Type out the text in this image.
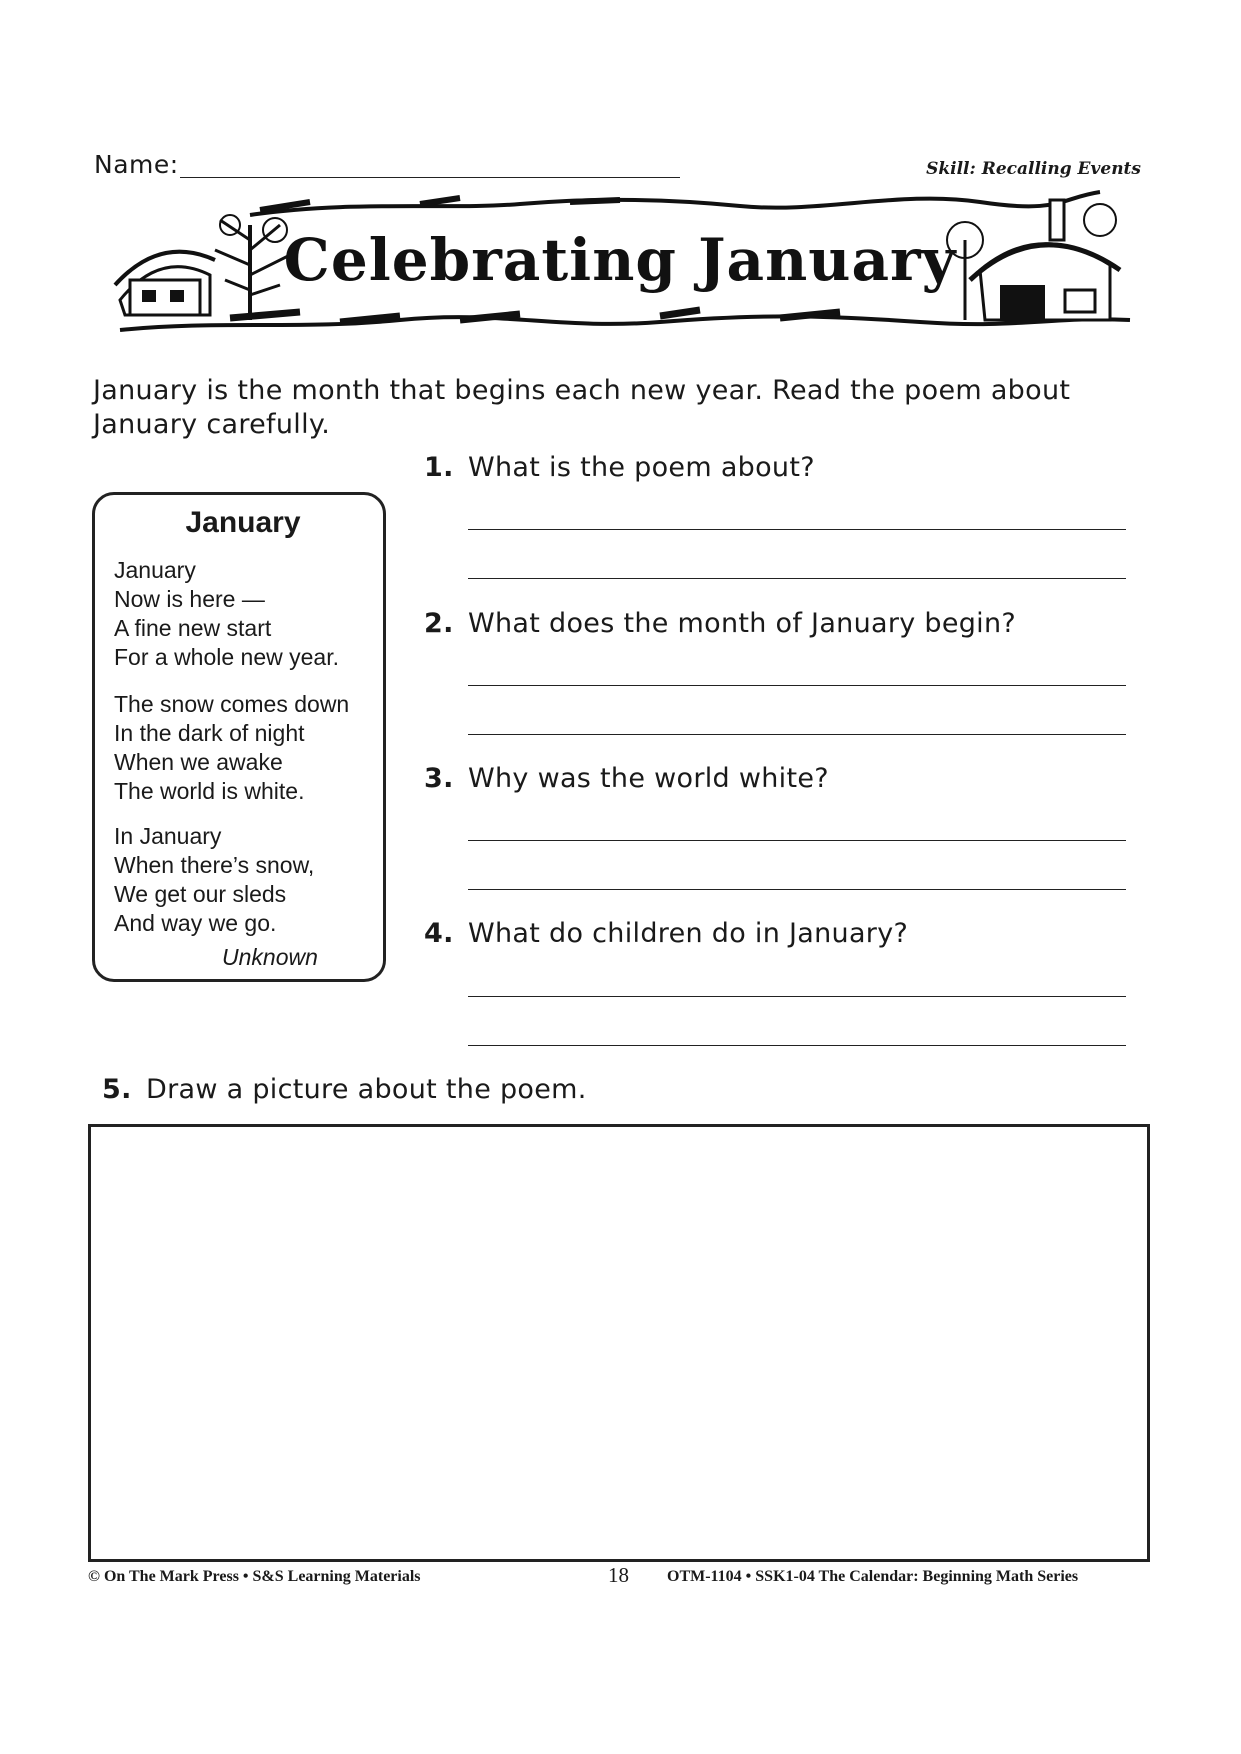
Name:	Skill: Recalling Events
Celebrating January
January is the month that begins each new year. Read the poem about January carefully.
January
January
Now is here —
A fine new start
For a whole new year.
The snow comes down
In the dark of night
When we awake
The world is white.
In January
When there’s snow,
We get our sleds
And way we go.
Unknown
1. What is the poem about?
2. What does the month of January begin?
3. Why was the world white?
4. What do children do in January?
5. Draw a picture about the poem.
© On The Mark Press • S&S Learning Materials	18 OTM-1104 • SSK1-04 The Calendar: Beginning Math Series
